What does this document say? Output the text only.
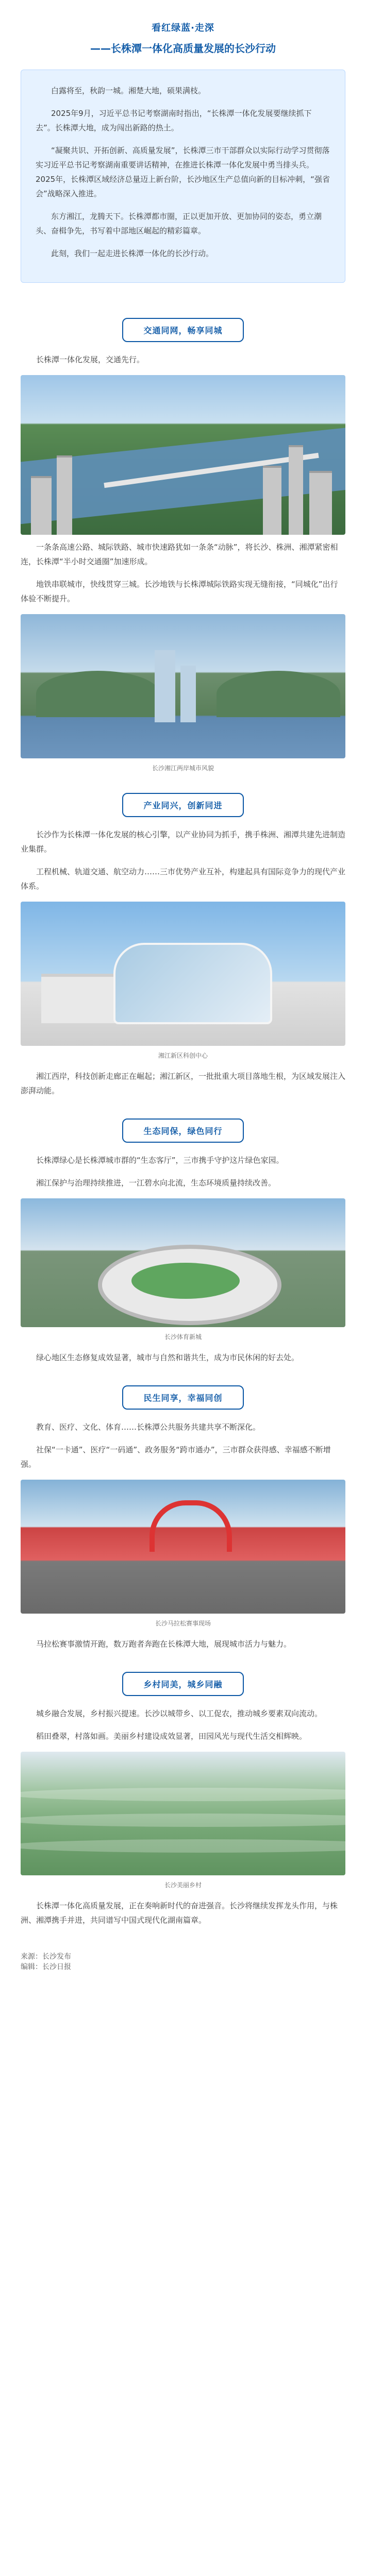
看红绿蓝·走深
——长株潭一体化高质量发展的长沙行动

白露将至，秋韵一城。湘楚大地，硕果满枝。

2025年9月，习近平总书记考察湖南时指出，“长株潭一体化发展要继续抓下去”。长株潭大地，成为闯出新路的热土。

“凝聚共识、开拓创新、高质量发展”，长株潭三市干部群众以实际行动学习贯彻落实习近平总书记考察湖南重要讲话精神，在推进长株潭一体化发展中勇当排头兵。2025年，长株潭区域经济总量迈上新台阶，长沙地区生产总值向新的目标冲刺，“强省会”战略深入推进。

东方湘江，龙腾天下。长株潭都市圈，正以更加开放、更加协同的姿态，勇立潮头、奋楫争先，书写着中部地区崛起的精彩篇章。

此刻，我们一起走进长株潭一体化的长沙行动。

交通同网，畅享同城

长株潭一体化发展，交通先行。

一条条高速公路、城际铁路、城市快速路犹如一条条“动脉”，将长沙、株洲、湘潭紧密相连，长株潭“半小时交通圈”加速形成。

地铁串联城市，快线贯穿三城。长沙地铁与长株潭城际铁路实现无缝衔接，“同城化”出行体验不断提升。

长沙湘江两岸城市风貌
产业同兴，创新同进

长沙作为长株潭一体化发展的核心引擎，以产业协同为抓手，携手株洲、湘潭共建先进制造业集群。

工程机械、轨道交通、航空动力……三市优势产业互补，构建起具有国际竞争力的现代产业体系。

湘江新区科创中心

湘江西岸，科技创新走廊正在崛起；湘江新区，一批批重大项目落地生根，为区域发展注入澎湃动能。

生态同保，绿色同行

长株潭绿心是长株潭城市群的“生态客厅”，三市携手守护这片绿色家园。

湘江保护与治理持续推进，一江碧水向北流，生态环境质量持续改善。

长沙体育新城

绿心地区生态修复成效显著，城市与自然和谐共生，成为市民休闲的好去处。

民生同享，幸福同创

教育、医疗、文化、体育……长株潭公共服务共建共享不断深化。

社保“一卡通”、医疗“一码通”、政务服务“跨市通办”，三市群众获得感、幸福感不断增强。

长沙马拉松赛事现场

马拉松赛事激情开跑，数万跑者奔跑在长株潭大地，展现城市活力与魅力。

乡村同美，城乡同融

城乡融合发展，乡村振兴提速。长沙以城带乡、以工促农，推动城乡要素双向流动。

稻田叠翠，村落如画。美丽乡村建设成效显著，田园风光与现代生活交相辉映。

长沙美丽乡村

长株潭一体化高质量发展，正在奏响新时代的奋进强音。长沙将继续发挥龙头作用，与株洲、湘潭携手并进，共同谱写中国式现代化湖南篇章。

来源：长沙发布
编辑：长沙日报
